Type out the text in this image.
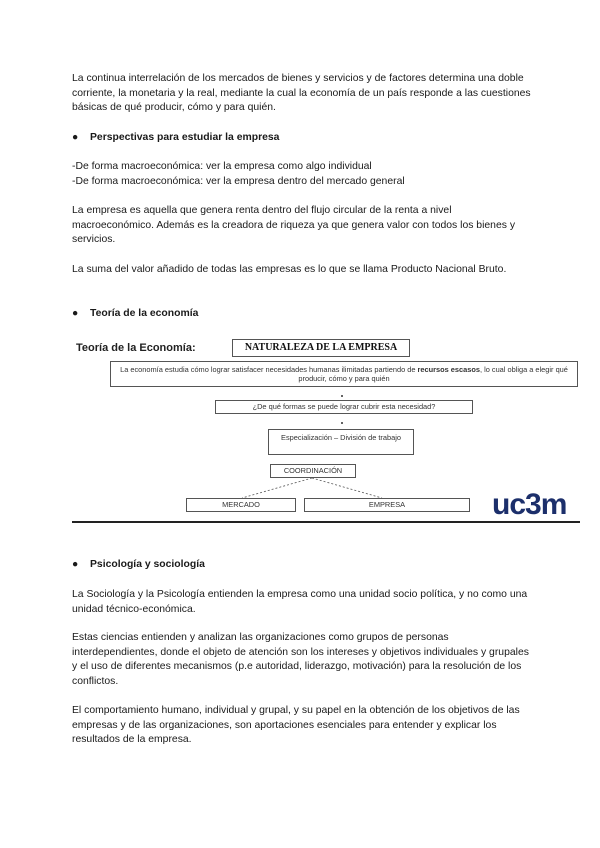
La continua interrelación de los mercados de bienes y servicios y de factores determina una doble corriente, la monetaria y la real, mediante la cual la economía de un país responde a las cuestiones básicas de qué producir, cómo y para quién.

● Perspectivas para estudiar la empresa

-De forma macroeconómica: ver la empresa como algo individual

-De forma macroeconómica: ver la empresa dentro del mercado general

La empresa es aquella que genera renta dentro del flujo circular de la renta a nivel macroeconómico. Además es la creadora de riqueza ya que genera valor con todos los bienes y servicios.

La suma del valor añadido de todas las empresas es lo que se llama Producto Nacional Bruto.

● Teoría de la economía
Teoría de la Economía:	NATURALEZA DE LA EMPRESA
La economía estudia cómo lograr satisfacer necesidades humanas ilimitadas partiendo de recursos escasos, lo cual obliga a elegir qué producir, cómo y para quién
¿De qué formas se puede lograr cubrir esta necesidad?
Especialización – División de trabajo
COORDINACIÓN
MERCADO	EMPRESA	uc3m
● Psicología y sociología

La Sociología y la Psicología entienden la empresa como una unidad socio política, y no como una unidad técnico-económica.

Estas ciencias entienden y analizan las organizaciones como grupos de personas interdependientes, donde el objeto de atención son los intereses y objetivos individuales y grupales y el uso de diferentes mecanismos (p.e autoridad, liderazgo, motivación) para la resolución de los conflictos.

El comportamiento humano, individual y grupal, y su papel en la obtención de los objetivos de las empresas y de las organizaciones, son aportaciones esenciales para entender y explicar los resultados de la empresa.
